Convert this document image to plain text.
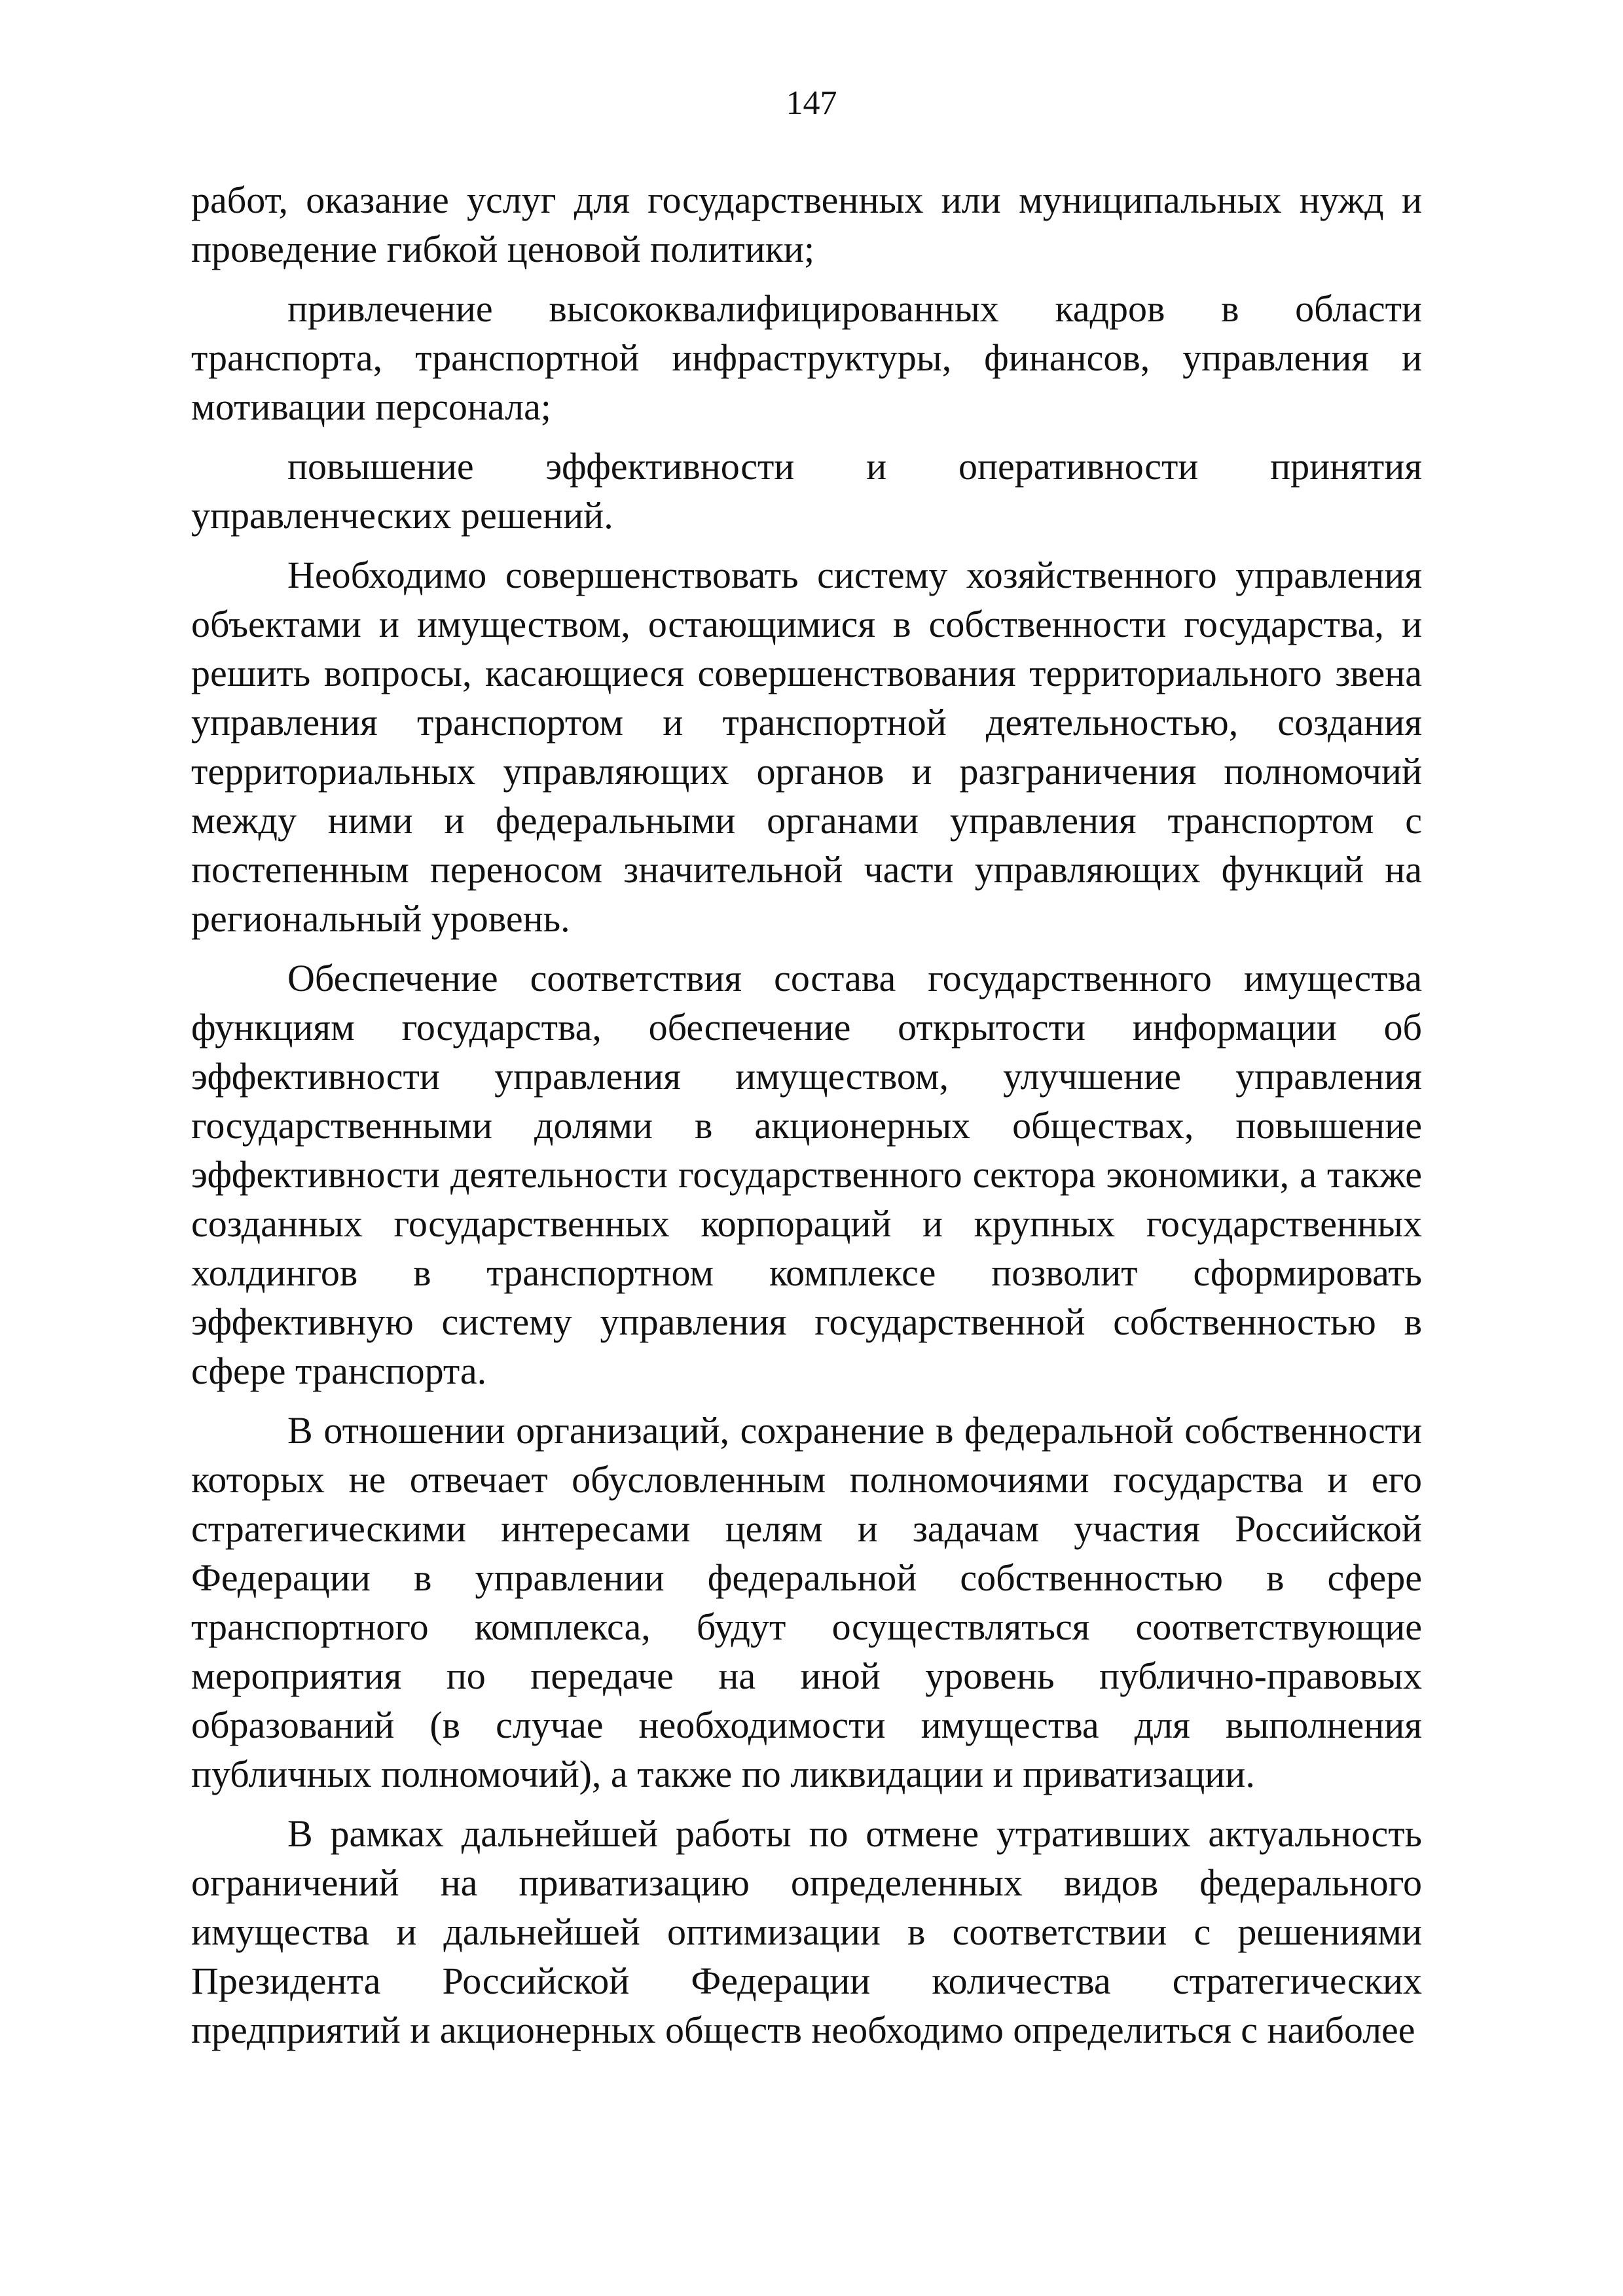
147

работ, оказание услуг для государственных или муниципальных нужд и проведение гибкой ценовой политики;

привлечение высококвалифицированных кадров в области транспорта, транспортной инфраструктуры, финансов, управления и мотивации персонала;

повышение эффективности и оперативности принятия управленческих решений.

Необходимо совершенствовать систему хозяйственного управления объектами и имуществом, остающимися в собственности государства, и решить вопросы, касающиеся совершенствования территориального звена управления транспортом и транспортной деятельностью, создания территориальных управляющих органов и разграничения полномочий между ними и федеральными органами управления транспортом с постепенным переносом значительной части управляющих функций на региональный уровень.

Обеспечение соответствия состава государственного имущества функциям государства, обеспечение открытости информации об эффективности управления имуществом, улучшение управления государственными долями в акционерных обществах, повышение эффективности деятельности государственного сектора экономики, а также созданных государственных корпораций и крупных государственных холдингов в транспортном комплексе позволит сформировать эффективную систему управления государственной собственностью в сфере транспорта.

В отношении организаций, сохранение в федеральной собственности которых не отвечает обусловленным полномочиями государства и его стратегическими интересами целям и задачам участия Российской Федерации в управлении федеральной собственностью в сфере транспортного комплекса, будут осуществляться соответствующие мероприятия по передаче на иной уровень публично-правовых образований (в случае необходимости имущества для выполнения публичных полномочий), а также по ликвидации и приватизации.

В рамках дальнейшей работы по отмене утративших актуальность ограничений на приватизацию определенных видов федерального имущества и дальнейшей оптимизации в соответствии с решениями Президента Российской Федерации количества стратегических предприятий и акционерных обществ необходимо определиться с наиболее
